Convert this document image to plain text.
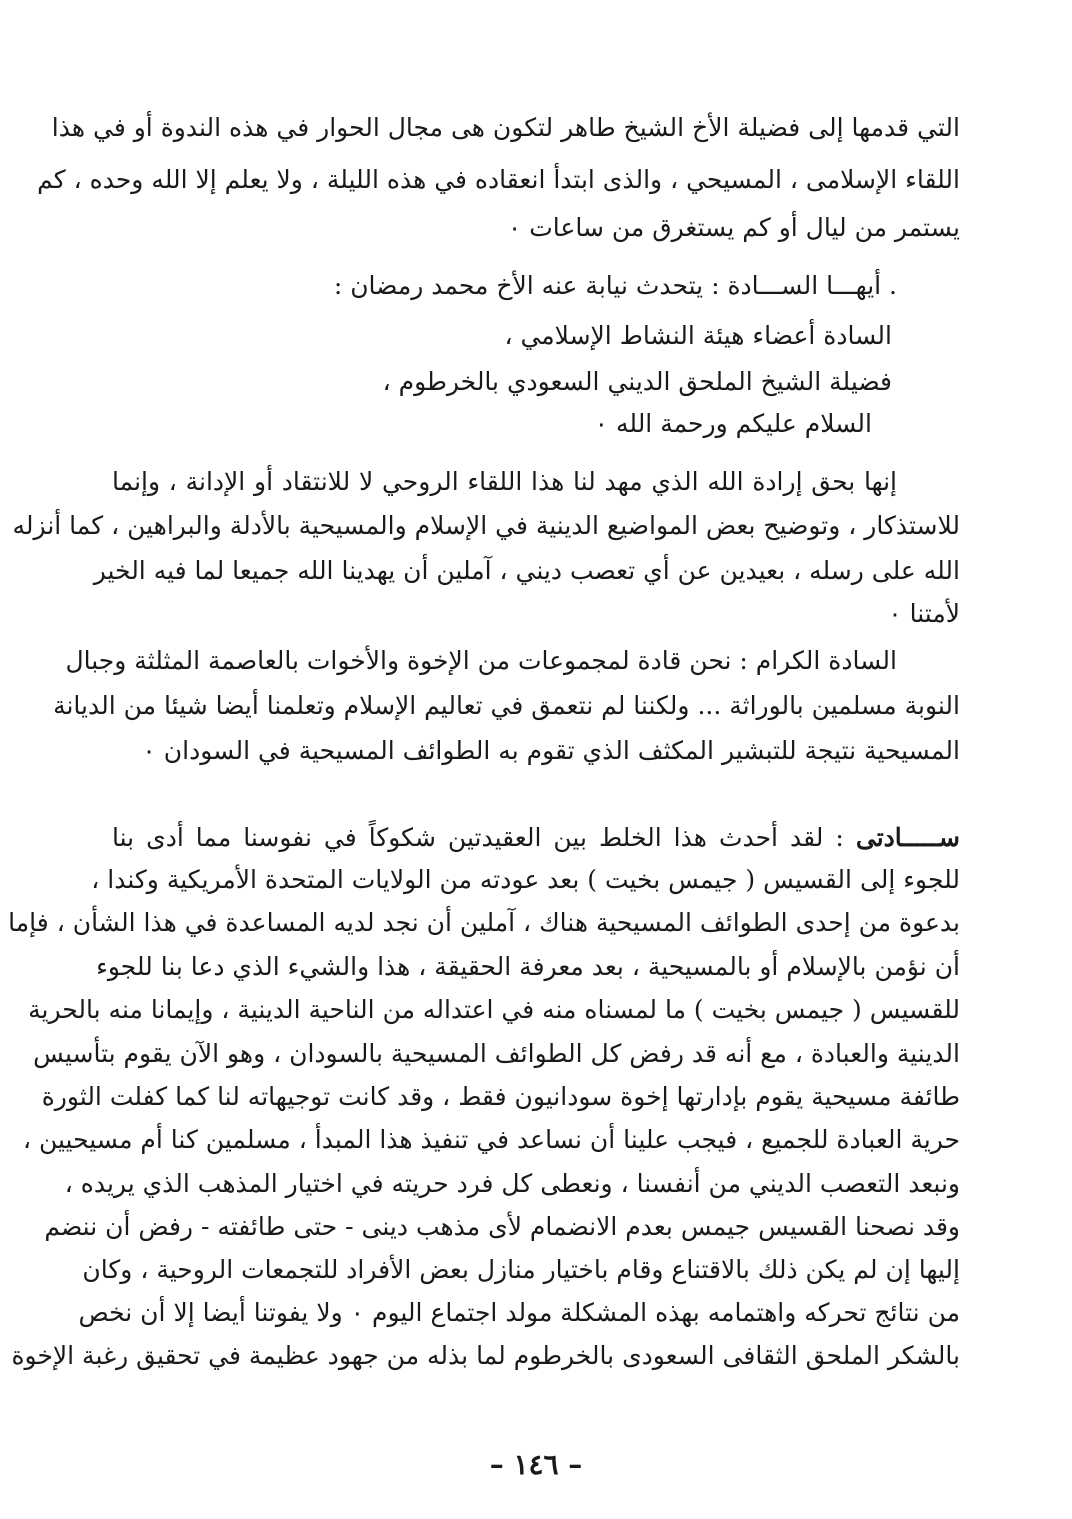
التي قدمها إلى فضيلة الأخ الشيخ طاهر لتكون هى مجال الحوار في هذه الندوة أو في هذا
اللقاء الإسلامى ، المسيحي ، والذى ابتدأ انعقاده في هذه الليلة ، ولا يعلم إلا الله وحده ، كم
يستمر من ليال أو كم يستغرق من ساعات ٠
. أيهـــا الســـادة : يتحدث نيابة عنه الأخ محمد رمضان :
السادة أعضاء هيئة النشاط الإسلامي ،
فضيلة الشيخ الملحق الديني السعودي بالخرطوم ،
السلام عليكم ورحمة الله ٠
إنها بحق إرادة الله الذي مهد لنا هذا اللقاء الروحي لا للانتقاد أو الإدانة ، وإنما
للاستذكار ، وتوضيح بعض المواضيع الدينية في الإسلام والمسيحية بالأدلة والبراهين ، كما أنزله
الله على رسله ، بعيدين عن أي تعصب ديني ، آملين أن يهدينا الله جميعا لما فيه الخير
لأمتنا ٠
السادة الكرام : نحن قادة لمجموعات من الإخوة والأخوات بالعاصمة المثلثة وجبال
النوبة مسلمين بالوراثة ... ولكننا لم نتعمق في تعاليم الإسلام وتعلمنا أيضا شيئا من الديانة
المسيحية نتيجة للتبشير المكثف الذي تقوم به الطوائف المسيحية في السودان ٠
ســـــادتى : لقد أحدث هذا الخلط بين العقيدتين شكوكاً في نفوسنا مما أدى بنا
للجوء إلى القسيس ( جيمس بخيت ) بعد عودته من الولايات المتحدة الأمريكية وكندا ،
بدعوة من إحدى الطوائف المسيحية هناك ، آملين أن نجد لديه المساعدة في هذا الشأن ، فإما
أن نؤمن بالإسلام أو بالمسيحية ، بعد معرفة الحقيقة ، هذا والشيء الذي دعا بنا للجوء
للقسيس ( جيمس بخيت ) ما لمسناه منه في اعتداله من الناحية الدينية ، وإيمانا منه بالحرية
الدينية والعبادة ، مع أنه قد رفض كل الطوائف المسيحية بالسودان ، وهو الآن يقوم بتأسيس
طائفة مسيحية يقوم بإدارتها إخوة سودانيون فقط ، وقد كانت توجيهاته لنا كما كفلت الثورة
حرية العبادة للجميع ، فيجب علينا أن نساعد في تنفيذ هذا المبدأ ، مسلمين كنا أم مسيحيين ،
ونبعد التعصب الديني من أنفسنا ، ونعطى كل فرد حريته في اختيار المذهب الذي يريده ،
وقد نصحنا القسيس جيمس بعدم الانضمام لأى مذهب دينى - حتى طائفته - رفض أن ننضم
إليها إن لم يكن ذلك بالاقتناع وقام باختيار منازل بعض الأفراد للتجمعات الروحية ، وكان
من نتائج تحركه واهتمامه بهذه المشكلة مولد اجتماع اليوم ٠ ولا يفوتنا أيضا إلا أن نخص
بالشكر الملحق الثقافى السعودى بالخرطوم لما بذله من جهود عظيمة في تحقيق رغبة الإخوة
– ١٤٦ –
